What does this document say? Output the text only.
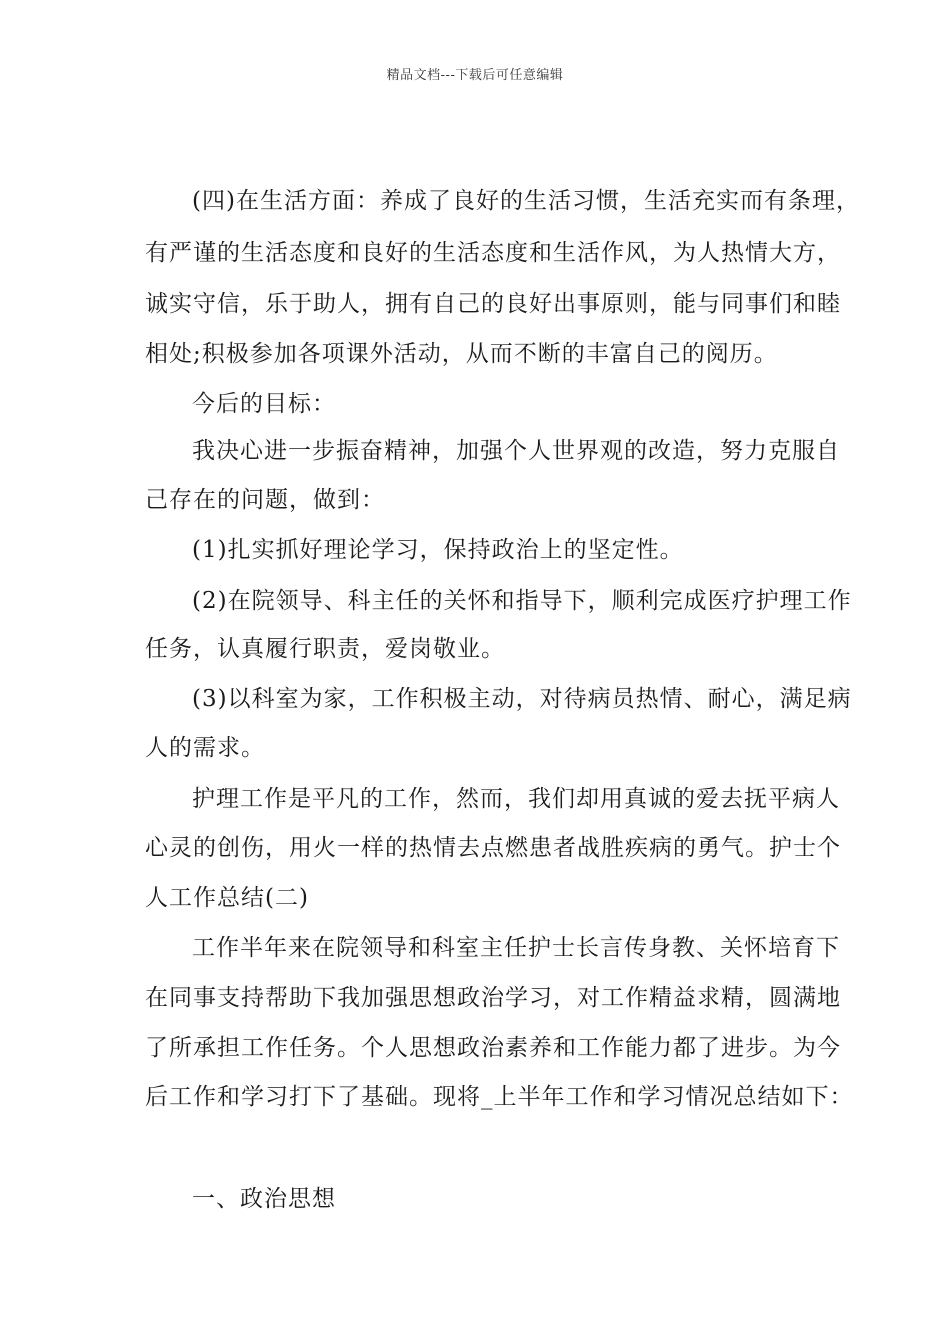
精品文档---下载后可任意编辑
(四)在生活方面：养成了良好的生活习惯，生活充实而有条理，
有严谨的生活态度和良好的生活态度和生活作风，为人热情大方，
诚实守信，乐于助人，拥有自己的良好出事原则，能与同事们和睦
相处;积极参加各项课外活动，从而不断的丰富自己的阅历。
今后的目标：
我决心进一步振奋精神，加强个人世界观的改造，努力克服自
己存在的问题，做到：
(1)扎实抓好理论学习，保持政治上的坚定性。
(2)在院领导、科主任的关怀和指导下，顺利完成医疗护理工作
任务，认真履行职责，爱岗敬业。
(3)以科室为家，工作积极主动，对待病员热情、耐心，满足病
人的需求。
护理工作是平凡的工作，然而，我们却用真诚的爱去抚平病人
心灵的创伤，用火一样的热情去点燃患者战胜疾病的勇气。护士个
人工作总结(二)
工作半年来在院领导和科室主任护士长言传身教、关怀培育下
在同事支持帮助下我加强思想政治学习，对工作精益求精，圆满地
了所承担工作任务。个人思想政治素养和工作能力都了进步。为今
后工作和学习打下了基础。现将_上半年工作和学习情况总结如下：
一、政治思想
